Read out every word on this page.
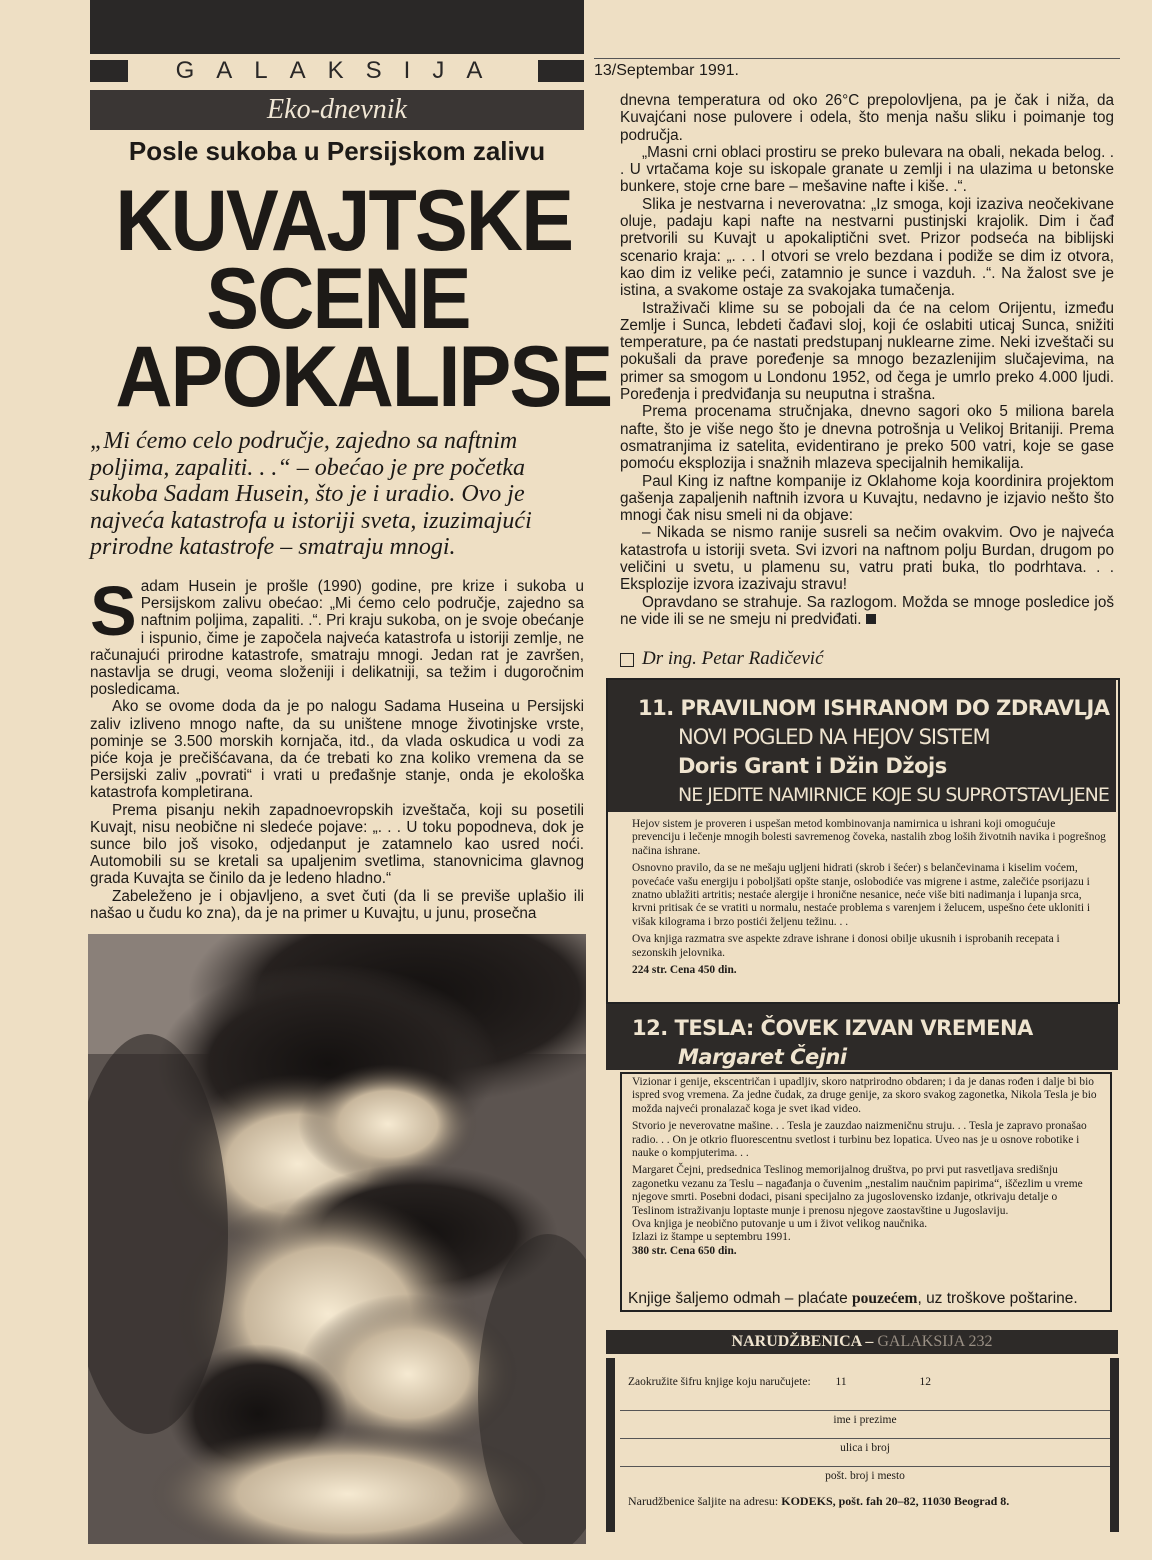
GALAKSIJA
Eko-dnevnik
Posle sukoba u Persijskom zalivu
KUVAJTSKE
SCENE
APOKALIPSE
„Mi ćemo celo područje, zajedno sa naftnim poljima, zapaliti. . .“ – obećao je pre početka sukoba Sadam Husein, što je i uradio. Ovo je najveća katastrofa u istoriji sveta, izuzimajući prirodne katastrofe – smatraju mnogi.

Sadam Husein je prošle (1990) godine, pre krize i sukoba u Persijskom zalivu obećao: „Mi ćemo celo područje, zajedno sa naftnim poljima, zapaliti. .“. Pri kraju sukoba, on je svoje obećanje i ispunio, čime je započela najveća katastrofa u istoriji zemlje, ne računajući prirodne katastrofe, smatraju mnogi. Jedan rat je završen, nastavlja se drugi, veoma složeniji i delikatniji, sa težim i dugoročnim posledicama.

Ako se ovome doda da je po nalogu Sadama Huseina u Persijski zaliv izliveno mnogo nafte, da su uništene mnoge životinjske vrste, pominje se 3.500 morskih kornjača, itd., da vlada oskudica u vodi za piće koja je prečišćavana, da će trebati ko zna koliko vremena da se Persijski zaliv „povrati“ i vrati u pređašnje stanje, onda je ekološka katastrofa kompletirana.

Prema pisanju nekih zapadnoevropskih izveštača, koji su posetili Kuvajt, nisu neobične ni sledeće pojave: „. . . U toku popodneva, dok je sunce bilo još visoko, odjedanput je zatamnelo kao usred noći. Automobili su se kretali sa upaljenim svetlima, stanovnicima glavnog grada Kuvajta se činilo da je ledeno hladno.“

Zabeleženo je i objavljeno, a svet čuti (da li se previše uplašio ili našao u čudu ko zna), da je na primer u Kuvajtu, u junu, prosečna

13/Septembar 1991.

dnevna temperatura od oko 26°C prepolovljena, pa je čak i niža, da Kuvajćani nose pulovere i odela, što menja našu sliku i poimanje tog područja.

„Masni crni oblaci prostiru se preko bulevara na obali, nekada belog. . . U vrtačama koje su iskopale granate u zemlji i na ulazima u betonske bunkere, stoje crne bare – mešavine nafte i kiše. .“.

Slika je nestvarna i neverovatna: „Iz smoga, koji izaziva neočekivane oluje, padaju kapi nafte na nestvarni pustinjski krajolik. Dim i čađ pretvorili su Kuvajt u apokaliptični svet. Prizor podseća na biblijski scenario kraja: „. . . I otvori se vrelo bezdana i podiže se dim iz otvora, kao dim iz velike peći, zatamnio je sunce i vazduh. .“. Na žalost sve je istina, a svakome ostaje za svakojaka tumačenja.

Istraživači klime su se pobojali da će na celom Orijentu, između Zemlje i Sunca, lebdeti čađavi sloj, koji će oslabiti uticaj Sunca, snižiti temperature, pa će nastati predstupanj nuklearne zime. Neki izveštači su pokušali da prave poređenje sa mnogo bezazlenijim slučajevima, na primer sa smogom u Londonu 1952, od čega je umrlo preko 4.000 ljudi. Poređenja i predviđanja su neuputna i strašna.

Prema procenama stručnjaka, dnevno sagori oko 5 miliona barela nafte, što je više nego što je dnevna potrošnja u Velikoj Britaniji. Prema osmatranjima iz satelita, evidentirano je preko 500 vatri, koje se gase pomoću eksplozija i snažnih mlazeva specijalnih hemikalija.

Paul King iz naftne kompanije iz Oklahome koja koordinira projektom gašenja zapaljenih naftnih izvora u Kuvajtu, nedavno je izjavio nešto što mnogi čak nisu smeli ni da objave:

– Nikada se nismo ranije susreli sa nečim ovakvim. Ovo je najveća katastrofa u istoriji sveta. Svi izvori na naftnom polju Burdan, drugom po veličini u svetu, u plamenu su, vatru prati buka, tlo podrhtava. . . Eksplozije izvora izazivaju stravu!

Opravdano se strahuje. Sa razlogom. Možda se mnoge posledice još ne vide ili se ne smeju ni predviđati.

Dr ing. Petar Radičević
11. PRAVILNOM ISHRANOM DO ZDRAVLJA
NOVI POGLED NA HEJOV SISTEM
Doris Grant i Džin Džojs
NE JEDITE NAMIRNICE KOJE SU SUPROTSTAVLJENE

Hejov sistem je proveren i uspešan metod kombinovanja namirnica u ishrani koji omogućuje prevenciju i lečenje mnogih bolesti savremenog čoveka, nastalih zbog loših životnih navika i pogrešnog načina ishrane.

Osnovno pravilo, da se ne mešaju ugljeni hidrati (skrob i šećer) s belančevinama i kiselim voćem, povećaće vašu energiju i poboljšati opšte stanje, oslobodiće vas migrene i astme, zalečiće psorijazu i znatno ublažiti artritis; nestaće alergije i hronične nesanice, neće više biti nadimanja i lupanja srca, krvni pritisak će se vratiti u normalu, nestaće problema s varenjem i želucem, uspešno ćete ukloniti i višak kilograma i brzo postići željenu težinu. . .

Ova knjiga razmatra sve aspekte zdrave ishrane i donosi obilje ukusnih i isprobanih recepata i sezonskih jelovnika.

224 str. Cena 450 din.

12. TESLA: ČOVEK IZVAN VREMENA
Margaret Čejni

Vizionar i genije, ekscentričan i upadljiv, skoro natprirodno obdaren; i da je danas rođen i dalje bi bio ispred svog vremena. Za jedne čudak, za druge genije, za skoro svakog zagonetka, Nikola Tesla je bio možda najveći pronalazač koga je svet ikad video.

Stvorio je neverovatne mašine. . . Tesla je zauzdao naizmeničnu struju. . . Tesla je zapravo pronašao radio. . . On je otkrio fluorescentnu svetlost i turbinu bez lopatica. Uveo nas je u osnove robotike i nauke o kompjuterima. . .

Margaret Čejni, predsednica Teslinog memorijalnog društva, po prvi put rasvetljava središnju zagonetku vezanu za Teslu – nagađanja o čuvenim „nestalim naučnim papirima“, iščezlim u vreme njegove smrti. Posebni dodaci, pisani specijalno za jugoslovensko izdanje, otkrivaju detalje o Teslinom istraživanju loptaste munje i prenosu njegove zaostavštine u Jugoslaviju.

Ova knjiga je neobično putovanje u um i život velikog naučnika.

Izlazi iz štampe u septembru 1991.

380 str. Cena 650 din.

Knjige šaljemo odmah – plaćate pouzećem, uz troškove poštarine.
NARUDŽBENICA – GALAKSIJA 232
Zaokružite šifru knjige koju naručujete: 11	12
ime i prezime
ulica i broj
pošt. broj i mesto
Narudžbenice šaljite na adresu: KODEKS, pošt. fah 20–82, 11030 Beograd 8.
